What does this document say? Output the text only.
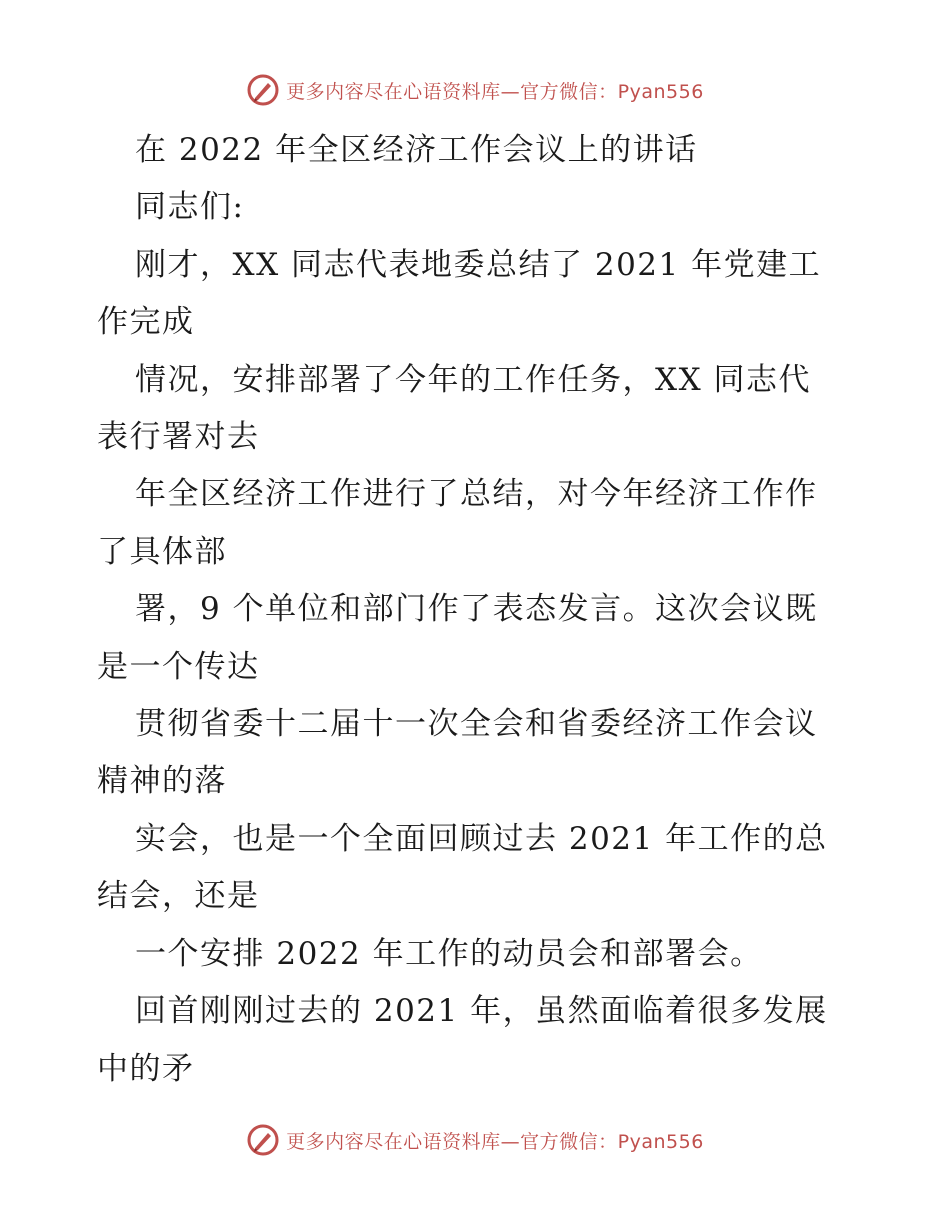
更多内容尽在心语资料库—官方微信：Pyan556
在 2022 年全区经济工作会议上的讲话
同志们:
刚才，XX 同志代表地委总结了 2021 年党建工
作完成
情况，安排部署了今年的工作任务，XX 同志代
表行署对去
年全区经济工作进行了总结，对今年经济工作作
了具体部
署，9 个单位和部门作了表态发言。这次会议既
是一个传达
贯彻省委十二届十一次全会和省委经济工作会议
精神的落
实会，也是一个全面回顾过去 2021 年工作的总
结会，还是
一个安排 2022 年工作的动员会和部署会。
回首刚刚过去的 2021 年，虽然面临着很多发展
中的矛
更多内容尽在心语资料库—官方微信：Pyan556
